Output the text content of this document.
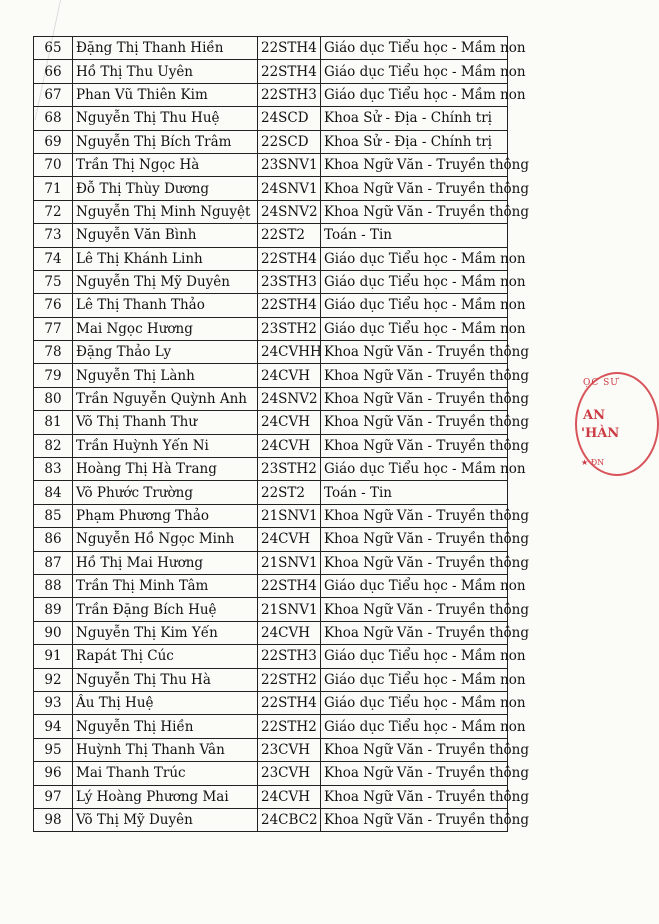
65	Đặng Thị Thanh Hiền	22STH4	Giáo dục Tiểu học - Mầm non
66	Hồ Thị Thu Uyên	22STH4	Giáo dục Tiểu học - Mầm non
67	Phan Vũ Thiên Kim	22STH3	Giáo dục Tiểu học - Mầm non
68	Nguyễn Thị Thu Huệ	24SCD	Khoa Sử - Địa - Chính trị
69	Nguyễn Thị Bích Trâm	22SCD	Khoa Sử - Địa - Chính trị
70	Trần Thị Ngọc Hà	23SNV1	Khoa Ngữ Văn - Truyền thông
71	Đỗ Thị Thùy Dương	24SNV1	Khoa Ngữ Văn - Truyền thông
72	Nguyễn Thị Minh Nguyệt	24SNV2	Khoa Ngữ Văn - Truyền thông
73	Nguyễn Văn Bình	22ST2	Toán - Tin
74	Lê Thị Khánh Linh	22STH4	Giáo dục Tiểu học - Mầm non
75	Nguyễn Thị Mỹ Duyên	23STH3	Giáo dục Tiểu học - Mầm non
76	Lê Thị Thanh Thảo	22STH4	Giáo dục Tiểu học - Mầm non
77	Mai Ngọc Hương	23STH2	Giáo dục Tiểu học - Mầm non
78	Đặng Thảo Ly	24CVHH	Khoa Ngữ Văn - Truyền thông
79	Nguyễn Thị Lành	24CVH	Khoa Ngữ Văn - Truyền thông
80	Trần Nguyễn Quỳnh Anh	24SNV2	Khoa Ngữ Văn - Truyền thông
81	Võ Thị Thanh Thư	24CVH	Khoa Ngữ Văn - Truyền thông
82	Trần Huỳnh Yến Ni	24CVH	Khoa Ngữ Văn - Truyền thông
83	Hoàng Thị Hà Trang	23STH2	Giáo dục Tiểu học - Mầm non
84	Võ Phước Trường	22ST2	Toán - Tin
85	Phạm Phương Thảo	21SNV1	Khoa Ngữ Văn - Truyền thông
86	Nguyễn Hồ Ngọc Minh	24CVH	Khoa Ngữ Văn - Truyền thông
87	Hồ Thị Mai Hương	21SNV1	Khoa Ngữ Văn - Truyền thông
88	Trần Thị Minh Tâm	22STH4	Giáo dục Tiểu học - Mầm non
89	Trần Đặng Bích Huệ	21SNV1	Khoa Ngữ Văn - Truyền thông
90	Nguyễn Thị Kim Yến	24CVH	Khoa Ngữ Văn - Truyền thông
91	Rapát Thị Cúc	22STH3	Giáo dục Tiểu học - Mầm non
92	Nguyễn Thị Thu Hà	22STH2	Giáo dục Tiểu học - Mầm non
93	Âu Thị Huệ	22STH4	Giáo dục Tiểu học - Mầm non
94	Nguyễn Thị Hiền	22STH2	Giáo dục Tiểu học - Mầm non
95	Huỳnh Thị Thanh Vân	23CVH	Khoa Ngữ Văn - Truyền thông
96	Mai Thanh Trúc	23CVH	Khoa Ngữ Văn - Truyền thông
97	Lý Hoàng Phương Mai	24CVH	Khoa Ngữ Văn - Truyền thông
98	Võ Thị Mỹ Duyên	24CBC2	Khoa Ngữ Văn - Truyền thông
ỌC SƯ
AN
'HÀN
★ ĐN
